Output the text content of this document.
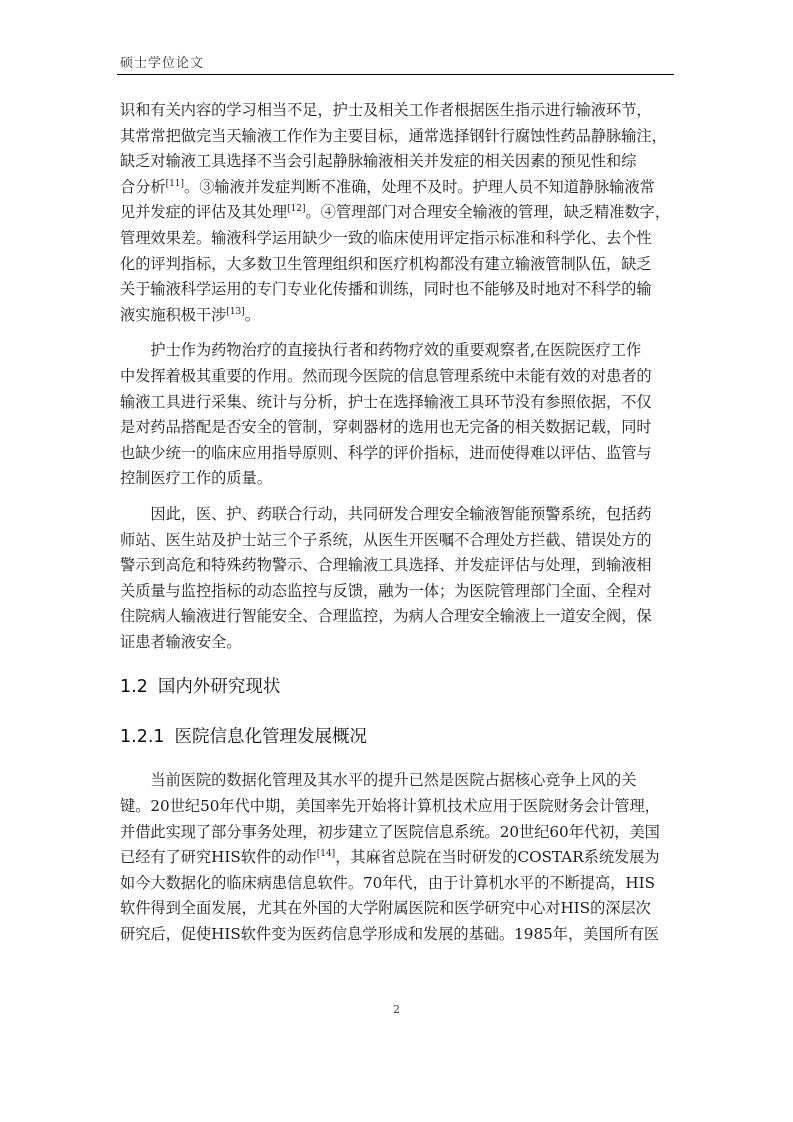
硕士学位论文

识和有关内容的学习相当不足，护士及相关工作者根据医生指示进行输液环节，
其常常把做完当天输液工作作为主要目标，通常选择钢针行腐蚀性药品静脉输注，
缺乏对输液工具选择不当会引起静脉输液相关并发症的相关因素的预见性和综
合分析[11]。③输液并发症判断不准确，处理不及时。护理人员不知道静脉输液常
见并发症的评估及其处理[12]。④管理部门对合理安全输液的管理，缺乏精准数字，
管理效果差。输液科学运用缺少一致的临床使用评定指示标准和科学化、去个性
化的评判指标，大多数卫生管理组织和医疗机构都没有建立输液管制队伍，缺乏
关于输液科学运用的专门专业化传播和训练，同时也不能够及时地对不科学的输
液实施积极干涉[13]。

　　护士作为药物治疗的直接执行者和药物疗效的重要观察者,在医院医疗工作
中发挥着极其重要的作用。然而现今医院的信息管理系统中未能有效的对患者的
输液工具进行采集、统计与分析，护士在选择输液工具环节没有参照依据，不仅
是对药品搭配是否安全的管制，穿刺器材的选用也无完备的相关数据记载，同时
也缺少统一的临床应用指导原则、科学的评价指标，进而使得难以评估、监管与
控制医疗工作的质量。

　　因此，医、护、药联合行动，共同研发合理安全输液智能预警系统，包括药
师站、医生站及护士站三个子系统，从医生开医嘱不合理处方拦截、错误处方的
警示到高危和特殊药物警示、合理输液工具选择、并发症评估与处理，到输液相
关质量与监控指标的动态监控与反馈，融为一体；为医院管理部门全面、全程对
住院病人输液进行智能安全、合理监控，为病人合理安全输液上一道安全阀，保
证患者输液安全。

1.2 国内外研究现状
1.2.1 医院信息化管理发展概况

　　当前医院的数据化管理及其水平的提升已然是医院占据核心竞争上风的关
键。20世纪50年代中期，美国率先开始将计算机技术应用于医院财务会计管理，
并借此实现了部分事务处理，初步建立了医院信息系统。20世纪60年代初，美国
已经有了研究HIS软件的动作[14]，其麻省总院在当时研发的COSTAR系统发展为
如今大数据化的临床病患信息软件。70年代，由于计算机水平的不断提高，HIS
软件得到全面发展，尤其在外国的大学附属医院和医学研究中心对HIS的深层次
研究后，促使HIS软件变为医药信息学形成和发展的基础。1985年，美国所有医

2
